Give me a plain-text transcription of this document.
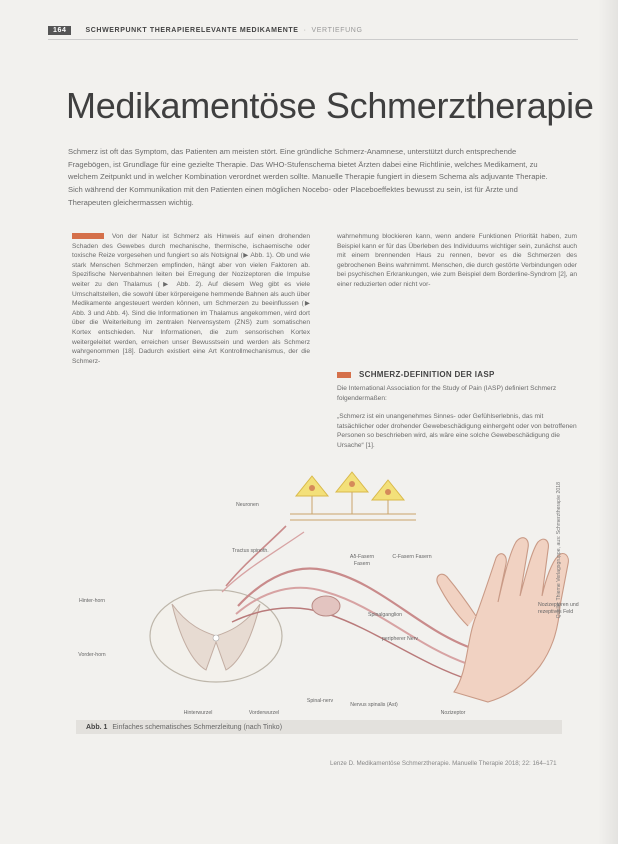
164	SCHWERPUNKT THERAPIERELEVANTE MEDIKAMENTE · VERTIEFUNG
Medikamentöse Schmerztherapie

Schmerz ist oft das Symptom, das Patienten am meisten stört. Eine gründliche Schmerz-Anamnese, unterstützt durch entsprechende Fragebögen, ist Grundlage für eine gezielte Therapie. Das WHO-Stufenschema bietet Ärzten dabei eine Richtlinie, welches Medikament, zu welchem Zeitpunkt und in welcher Kombination verordnet werden sollte. Manuelle Therapie fungiert in diesem Schema als adjuvante Therapie. Sich während der Kommunikation mit den Patienten einen möglichen Nocebo- oder Placeboeffektes bewusst zu sein, ist für Ärzte und Therapeuten gleichermassen wichtig.

Von der Natur ist Schmerz als Hinweis auf einen drohenden Schaden des Gewebes durch mechanische, thermische, ischaemische oder toxische Reize vorgesehen und fungiert so als Notsignal (▶ Abb. 1). Ob und wie stark Menschen Schmerzen empfinden, hängt aber von vielen Faktoren ab. Spezifische Nervenbahnen leiten bei Erregung der Nozizeptoren die Impulse weiter zu den Thalamus (▶ Abb. 2). Auf diesem Weg gibt es viele Umschaltstellen, die sowohl über körpereigene hemmende Bahnen als auch über Medikamente angesteuert werden können, um Schmerzen zu beeinflussen (▶ Abb. 3 und Abb. 4). Sind die Informationen im Thalamus angekommen, wird dort über die Weiterleitung im zentralen Nervensystem (ZNS) zum somatischen Kortex entschieden. Nur Informationen, die zum sensorischen Kortex weitergeleitet werden, erreichen unser Bewusstsein und werden als Schmerz wahrgenommen [18]. Dadurch existiert eine Art Kontrollmechanismus, der die Schmerz-

wahrnehmung blockieren kann, wenn andere Funktionen Priorität haben, zum Beispiel kann er für das Überleben des Individuums wichtiger sein, zunächst auch mit einem brennenden Haus zu rennen, bevor es die Schmerzen des gebrochenen Beins wahrnimmt. Menschen, die durch gestörte Verbindungen oder bei psychischen Erkrankungen, wie zum Beispiel dem Borderline-Syndrom [2], an einer reduzierten oder nicht vor-

SCHMERZ-DEFINITION DER IASP

Die International Association for the Study of Pain (IASP) definiert Schmerz folgendermaßen:

„Schmerz ist ein unangenehmes Sinnes- oder Gefühlserlebnis, das mit tatsächlicher oder drohender Gewebeschädigung einhergeht oder von betroffenen Personen so beschrieben wird, als wäre eine solche Gewebeschädigung die Ursache“ [1].

Neuronen
Tractus spinoth.
Hinter-horn
Vorder-horn
Aδ-Fasern Fasern
C-Fasern Fasern
Spinalganglion
peripherer Nerv
Nozizeptoren und rezeptives Feld
Hinterwurzel	Vorderwurzel
Spinal-nerv
Nervus spinalis (Ast)
Nozizeptor
Quelle: Thieme Verlagsgruppe, aus: Schmerztherapie 2018
Abb. 1 Einfaches schematisches Schmerzleitung (nach Tinko)
Lenze D. Medikamentöse Schmerztherapie. Manuelle Therapie 2018; 22: 164–171
